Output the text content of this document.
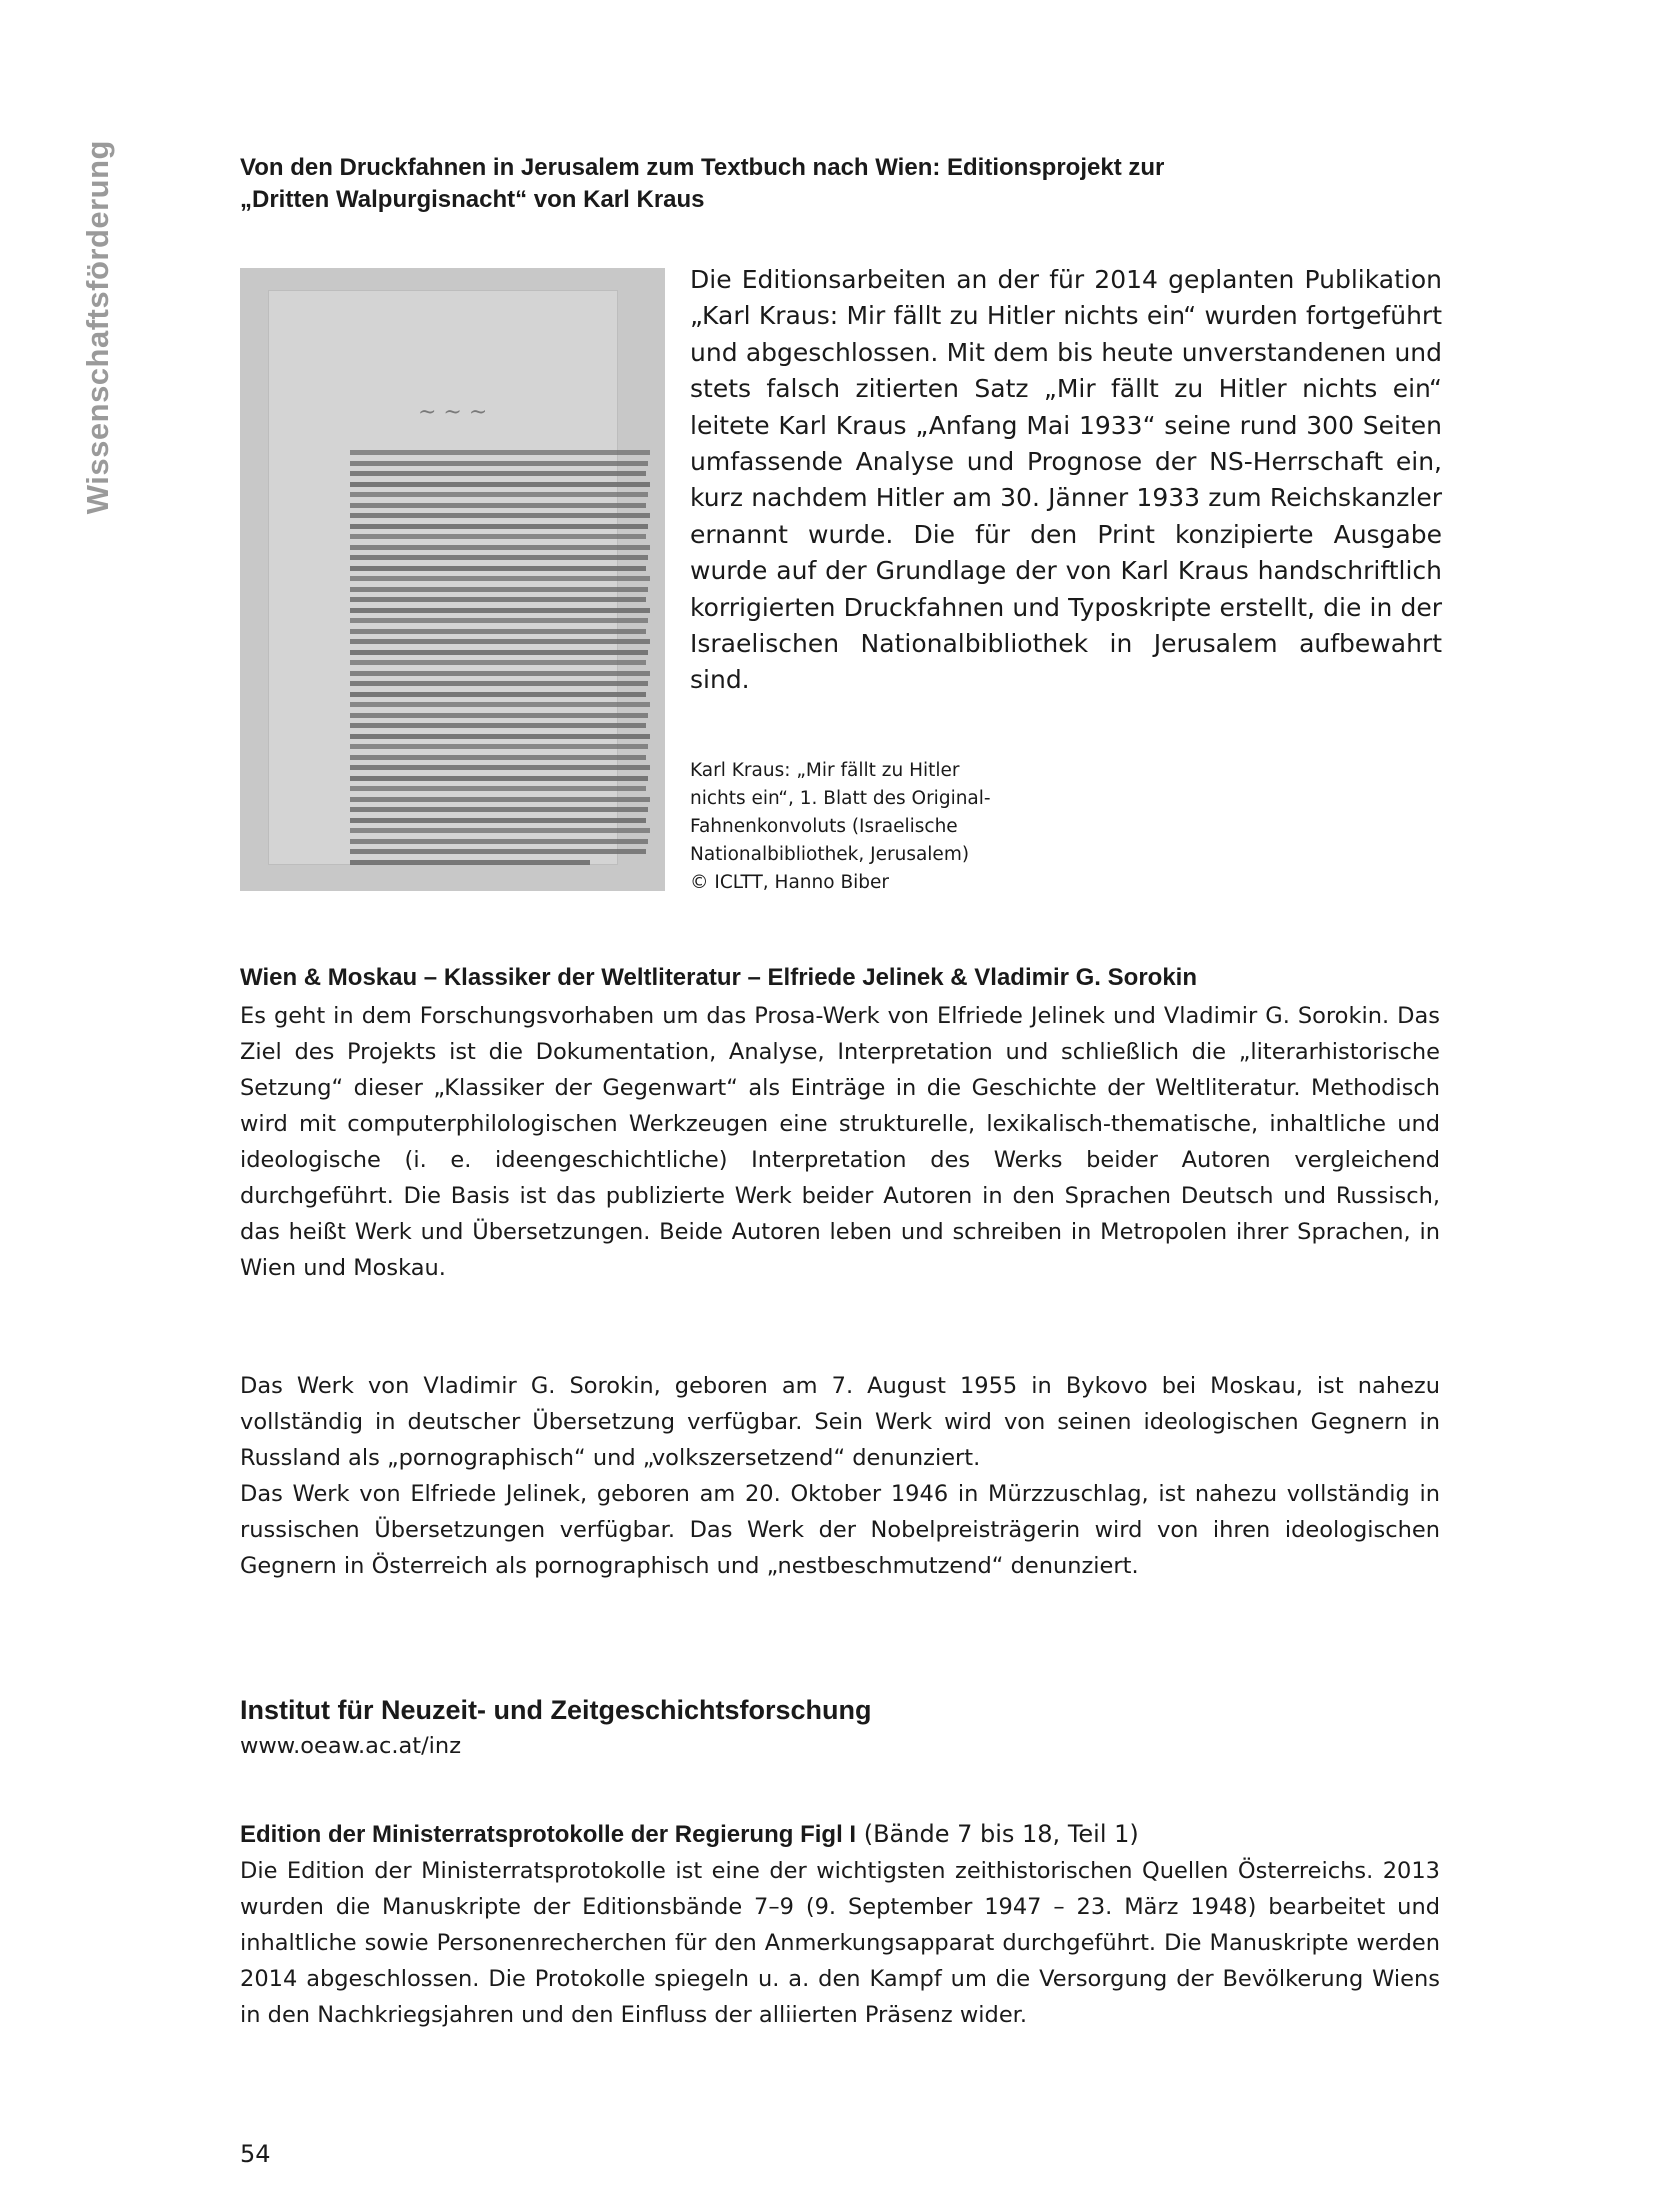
Wissenschaftsförderung	Von den Druckfahnen in Jerusalem zum Textbuch nach Wien: Editionsprojekt zur

„Dritten Walpurgisnacht“ von Karl Kraus

~ ~ ~

Die Editionsarbeiten an der für 2014 geplanten Publikation „Karl Kraus: Mir fällt zu Hitler nichts ein“ wurden fortgeführt und abgeschlossen. Mit dem bis heute unverstandenen und stets falsch zitierten Satz „Mir fällt zu Hitler nichts ein“ leitete Karl Kraus „Anfang Mai 1933“ seine rund 300 Seiten umfassende Analyse und Prognose der NS-Herrschaft ein, kurz nachdem Hitler am 30. Jänner 1933 zum Reichskanzler ernannt wurde. Die für den Print konzipierte Ausgabe wurde auf der Grundlage der von Karl Kraus handschriftlich korrigierten Druckfahnen und Typoskripte erstellt, die in der Israelischen Nationalbibliothek in Jerusalem aufbewahrt sind.

Karl Kraus: „Mir fällt zu Hitler

nichts ein“, 1. Blatt des Original-

Fahnenkonvoluts (Israelische

Nationalbibliothek, Jerusalem)

© ICLTT, Hanno Biber

Wien & Moskau – Klassiker der Weltliteratur – Elfriede Jelinek & Vladimir G. Sorokin

Es geht in dem Forschungsvorhaben um das Prosa-Werk von Elfriede Jelinek und Vladimir G. Sorokin. Das Ziel des Projekts ist die Dokumentation, Analyse, Interpretation und schließlich die „literarhistorische Setzung“ dieser „Klassiker der Gegenwart“ als Einträge in die Geschichte der Weltliteratur. Methodisch wird mit computerphilologischen Werkzeugen eine strukturelle, lexikalisch-thematische, inhaltliche und ideologische (i. e. ideengeschichtliche) Interpretation des Werks beider Autoren vergleichend durchgeführt. Die Basis ist das publizierte Werk beider Autoren in den Sprachen Deutsch und Russisch, das heißt Werk und Übersetzungen. Beide Autoren leben und schreiben in Metropolen ihrer Sprachen, in Wien und Moskau.

Das Werk von Vladimir G. Sorokin, geboren am 7. August 1955 in Bykovo bei Moskau, ist nahezu vollständig in deutscher Übersetzung verfügbar. Sein Werk wird von seinen ideologischen Gegnern in Russland als „pornographisch“ und „volkszersetzend“ denunziert.

Das Werk von Elfriede Jelinek, geboren am 20. Oktober 1946 in Mürzzuschlag, ist nahezu vollständig in russischen Übersetzungen verfügbar. Das Werk der Nobelpreisträgerin wird von ihren ideologischen Gegnern in Österreich als pornographisch und „nestbeschmutzend“ denunziert.

Institut für Neuzeit- und Zeitgeschichtsforschung

www.oeaw.ac.at/inz

Edition der Ministerratsprotokolle der Regierung Figl I (Bände 7 bis 18, Teil 1)

Die Edition der Ministerratsprotokolle ist eine der wichtigsten zeithistorischen Quellen Österreichs. 2013 wurden die Manuskripte der Editionsbände 7–9 (9. September 1947 – 23. März 1948) bearbeitet und inhaltliche sowie Personenrecherchen für den Anmerkungsapparat durchgeführt. Die Manuskripte werden 2014 abgeschlossen. Die Protokolle spiegeln u. a. den Kampf um die Versorgung der Bevölkerung Wiens in den Nachkriegsjahren und den Einfluss der alliierten Präsenz wider.

54
